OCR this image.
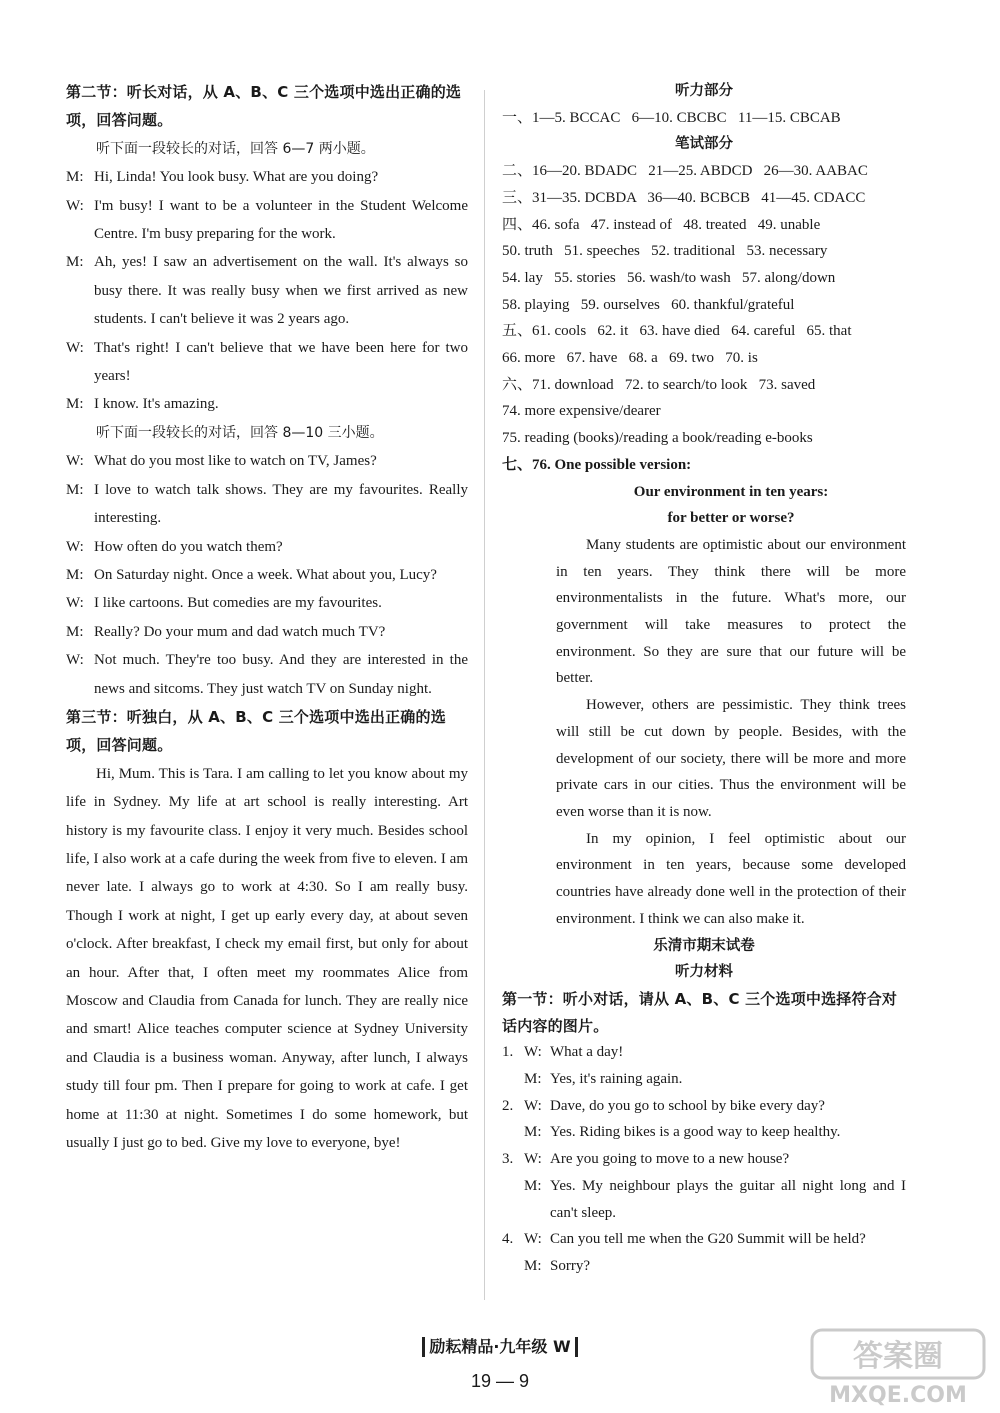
第二节：听长对话，从 A、B、C 三个选项中选出正确的选项，回答问题。

听下面一段较长的对话，回答 6—7 两小题。

M: Hi, Linda! You look busy. What are you doing?
W: I'm busy! I want to be a volunteer in the Student Welcome Centre. I'm busy preparing for the work.
M: Ah, yes! I saw an advertisement on the wall. It's always so busy there. It was really busy when we first arrived as new students. I can't believe it was 2 years ago.
W: That's right! I can't believe that we have been here for two years!
M: I know. It's amazing.

听下面一段较长的对话，回答 8—10 三小题。

W: What do you most like to watch on TV, James?
M: I love to watch talk shows. They are my favourites. Really interesting.
W: How often do you watch them?
M: On Saturday night. Once a week. What about you, Lucy?
W: I like cartoons. But comedies are my favourites.
M: Really? Do your mum and dad watch much TV?
W: Not much. They're too busy. And they are interested in the news and sitcoms. They just watch TV on Sunday night.

第三节：听独白，从 A、B、C 三个选项中选出正确的选项，回答问题。

Hi, Mum. This is Tara. I am calling to let you know about my life in Sydney. My life at art school is really interesting. Art history is my favourite class. I enjoy it very much. Besides school life, I also work at a cafe during the week from five to eleven. I am never late. I always go to work at 4:30. So I am really busy. Though I work at night, I get up early every day, at about seven o'clock. After breakfast, I check my email first, but only for about an hour. After that, I often meet my roommates Alice from Moscow and Claudia from Canada for lunch. They are really nice and smart! Alice teaches computer science at Sydney University and Claudia is a business woman. Anyway, after lunch, I always study till four pm. Then I prepare for going to work at cafe. I get home at 11:30 at night. Sometimes I do some homework, but usually I just go to bed. Give my love to everyone, bye!

听力部分

一、1—5. BCCAC   6—10. CBCBC   11—15. CBCAB

笔试部分

二、16—20. BDADC   21—25. ABDCD   26—30. AABAC

三、31—35. DCBDA   36—40. BCBCB   41—45. CDACC

四、46. sofa   47. instead of   48. treated   49. unable

50. truth   51. speeches   52. traditional   53. necessary

54. lay   55. stories   56. wash/to wash   57. along/down

58. playing   59. ourselves   60. thankful/grateful

五、61. cools   62. it   63. have died   64. careful   65. that

66. more   67. have   68. a   69. two   70. is

六、71. download   72. to search/to look   73. saved

74. more expensive/dearer

75. reading (books)/reading a book/reading e-books

七、76. One possible version:

Our environment in ten years:

for better or worse?

Many students are optimistic about our environment in ten years. They think there will be more environmentalists in the future. What's more, our government will take measures to protect the environment. So they are sure that our future will be better.

However, others are pessimistic. They think trees will still be cut down by people. Besides, with the development of our society, there will be more and more private cars in our cities. Thus the environment will be even worse than it is now.

In my opinion, I feel optimistic about our environment in ten years, because some developed countries have already done well in the protection of their environment. I think we can also make it.

乐清市期末试卷

听力材料

第一节：听小对话，请从 A、B、C 三个选项中选择符合对话内容的图片。

1. W: What a day!
M: Yes, it's raining again.
2. W: Dave, do you go to school by bike every day?
M: Yes. Riding bikes is a good way to keep healthy.
3. W: Are you going to move to a new house?
M: Yes. My neighbour plays the guitar all night long and I can't sleep.
4. W: Can you tell me when the G20 Summit will be held?
M: Sorry?
励耘精品·九年级 W
19 — 9
答案圈
MXQE.COM
